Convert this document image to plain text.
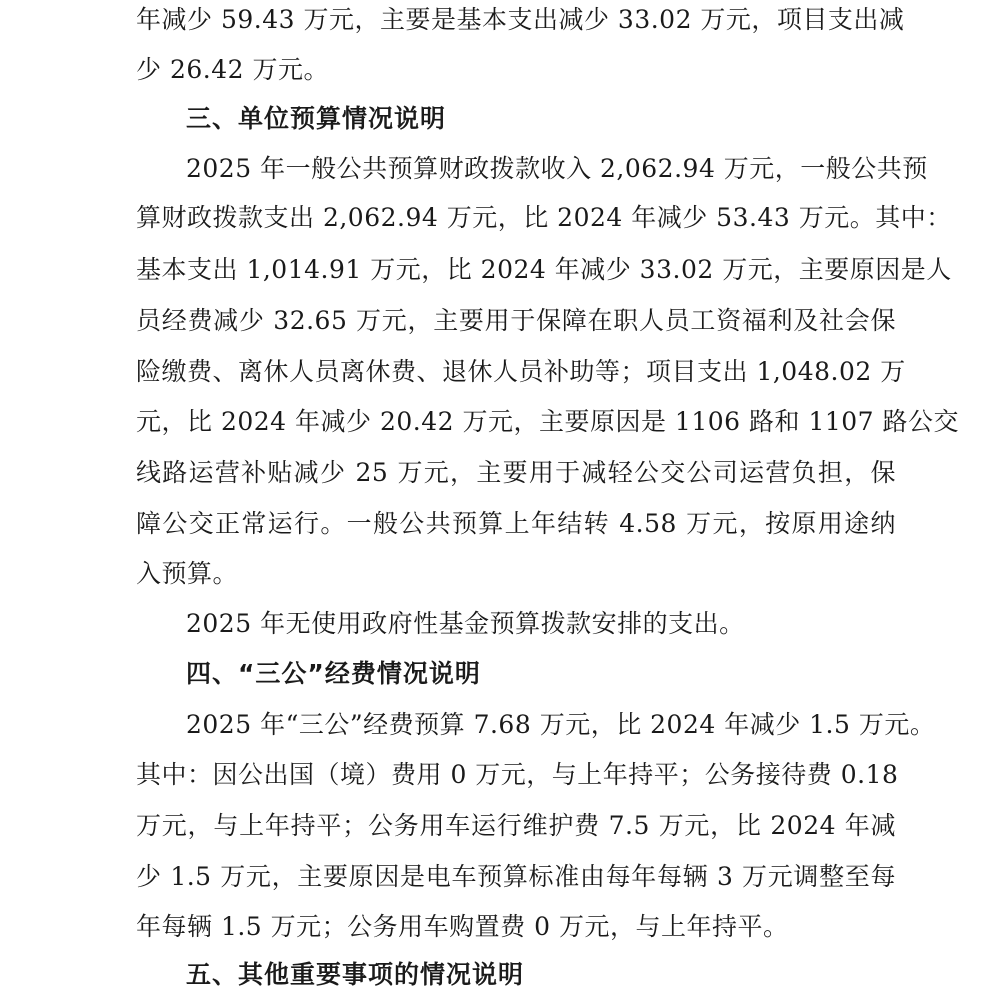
年减少 59.43 万元，主要是基本支出减少 33.02 万元，项目支出减
少 26.42 万元。
三、单位预算情况说明
2025 年一般公共预算财政拨款收入 2,062.94 万元，一般公共预
算财政拨款支出 2,062.94 万元，比 2024 年减少 53.43 万元。其中：
基本支出 1,014.91 万元，比 2024 年减少 33.02 万元，主要原因是人
员经费减少 32.65 万元，主要用于保障在职人员工资福利及社会保
险缴费、离休人员离休费、退休人员补助等；项目支出 1,048.02 万
元，比 2024 年减少 20.42 万元，主要原因是 1106 路和 1107 路公交
线路运营补贴减少 25 万元，主要用于减轻公交公司运营负担，保
障公交正常运行。一般公共预算上年结转 4.58 万元，按原用途纳
入预算。
2025 年无使用政府性基金预算拨款安排的支出。
四、“三公”经费情况说明
2025 年“三公”经费预算 7.68 万元，比 2024 年减少 1.5 万元。
其中：因公出国（境）费用 0 万元，与上年持平；公务接待费 0.18
万元，与上年持平；公务用车运行维护费 7.5 万元，比 2024 年减
少 1.5 万元，主要原因是电车预算标准由每年每辆 3 万元调整至每
年每辆 1.5 万元；公务用车购置费 0 万元，与上年持平。
五、其他重要事项的情况说明
